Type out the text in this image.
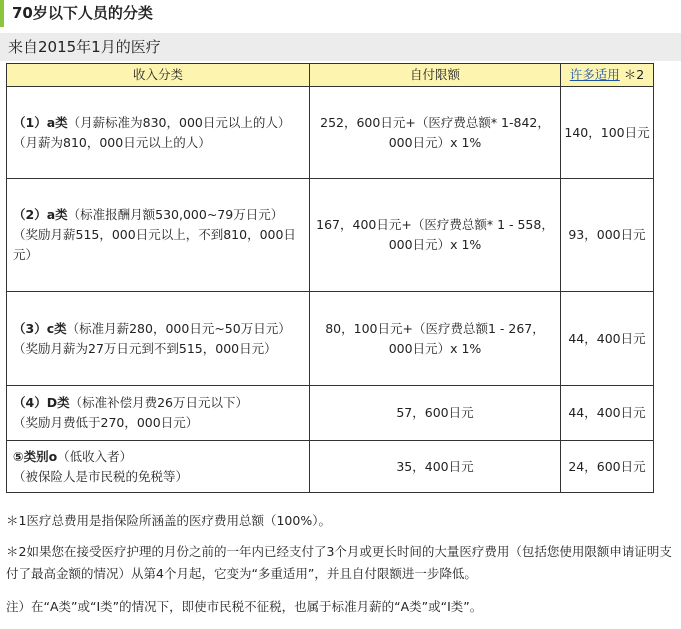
70岁以下人员的分类
来自2015年1月的医疗
收入分类	自付限额	许多适用 ＊2
（1）a类（月薪标准为830，000日元以上的人）
（月薪为810，000日元以上的人）	252，600日元+（医疗费总额* 1-842，000日元）x 1%	140，100日元
（2）a类（标准报酬月额530,000~79万日元）
（奖励月薪515，000日元以上，不到810，000日元）	167，400日元+（医疗费总额* 1 - 558，000日元）x 1%	93，000日元
（3）c类（标准月薪280，000日元~50万日元）
（奖励月薪为27万日元到不到515，000日元）	80，100日元+（医疗费总额1 - 267，000日元）x 1%	44，400日元
（4）D类（标准补偿月费26万日元以下）
（奖励月费低于270，000日元）	57，600日元	44，400日元
⑤类别o（低收入者）
（被保险人是市民税的免税等）	35，400日元	24，600日元
＊1医疗总费用是指保险所涵盖的医疗费用总额（100%）。
＊2如果您在接受医疗护理的月份之前的一年内已经支付了3个月或更长时间的大量医疗费用（包括您使用限额申请证明支付了最高金额的情况）从第4个月起，它变为“多重适用”，并且自付限额进一步降低。
注）在“A类”或“I类”的情况下，即使市民税不征税，也属于标准月薪的“A类”或“I类”。
